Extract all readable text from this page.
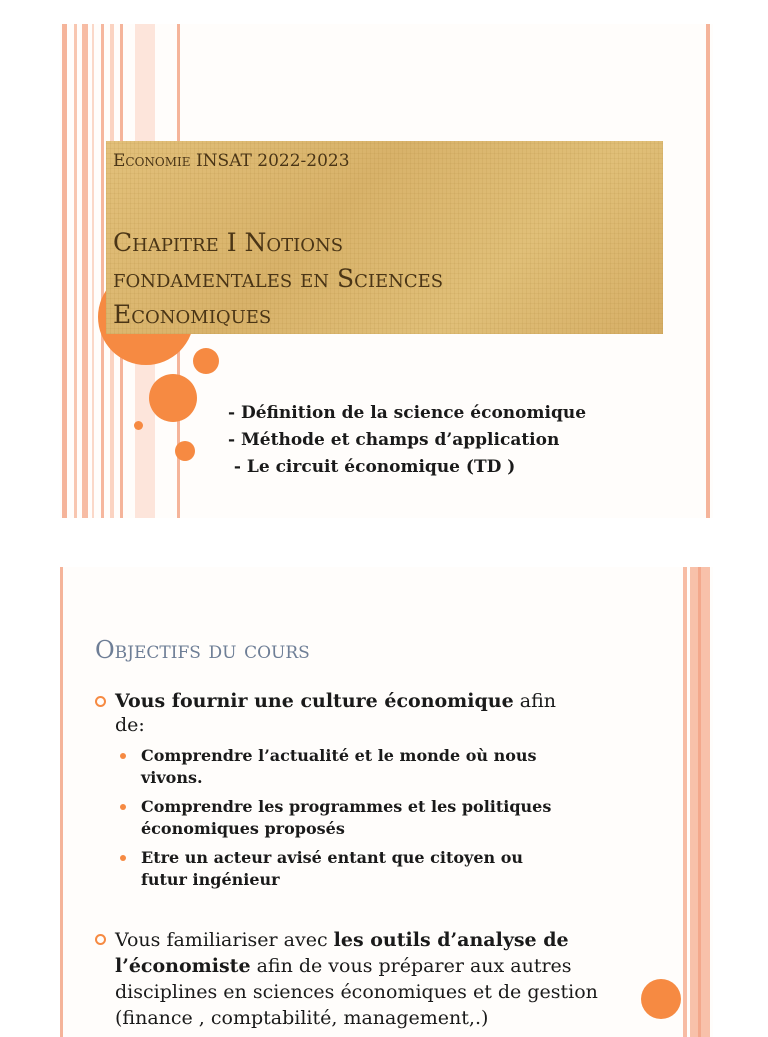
Economie INSAT 2022-2023
Chapitre I Notions
fondamentales en Sciences
Economiques
- Définition de la science économique
- Méthode et champs d’application
- Le circuit économique (TD )
Objectifs du cours
Vous fournir une culture économique afin
de:
Comprendre l’actualité et le monde où nous
vivons.
Comprendre les programmes et les politiques
économiques proposés
Etre un acteur avisé entant que citoyen ou
futur ingénieur
Vous familiariser avec les outils d’analyse de
l’économiste afin de vous préparer aux autres
disciplines en sciences économiques et de gestion
(finance , comptabilité, management,.)
